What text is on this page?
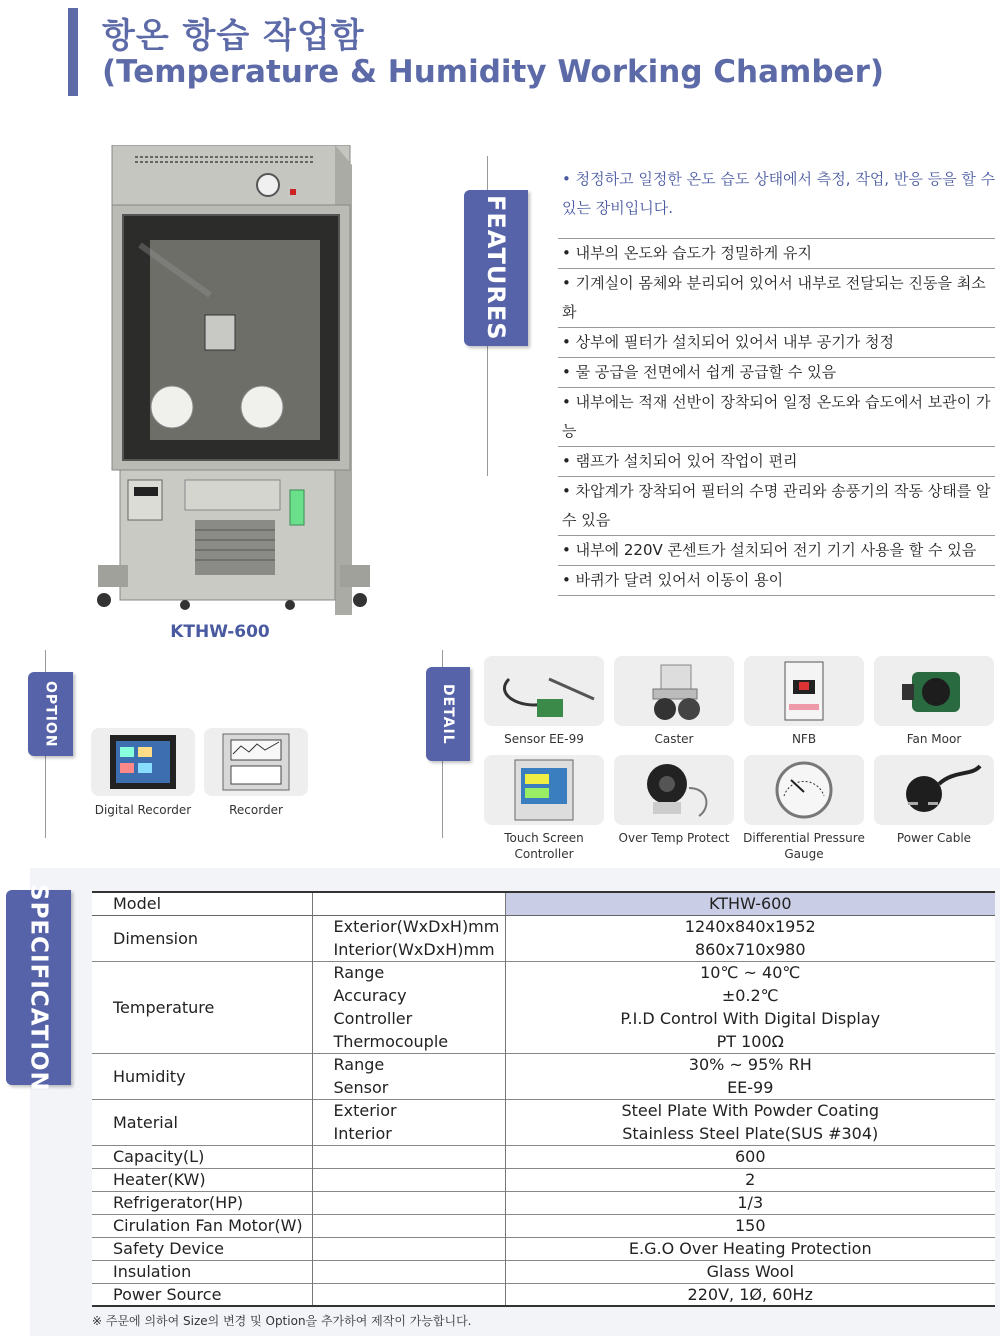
항온 항습 작업함
(Temperature & Humidity Working Chamber)
KTHW-600
FEATURES
• 청정하고 일정한 온도 습도 상태에서 측정, 작업, 반응 등을 할 수 있는 장비입니다.
• 내부의 온도와 습도가 정밀하게 유지
• 기계실이 몸체와 분리되어 있어서 내부로 전달되는 진동을 최소화
• 상부에 필터가 설치되어 있어서 내부 공기가 청정
• 물 공급을 전면에서 쉽게 공급할 수 있음
• 내부에는 적재 선반이 장착되어 일정 온도와 습도에서 보관이 가능
• 램프가 설치되어 있어 작업이 편리
• 차압계가 장착되어 필터의 수명 관리와 송풍기의 작동 상태를 알 수 있음
• 내부에 220V 콘센트가 설치되어 전기 기기 사용을 할 수 있음
• 바퀴가 달려 있어서 이동이 용이
OPTION
Digital Recorder	Recorder
DETAIL	Sensor EE-99	Caster	NFB	Fan Moor
Touch Screen Controller
Over Temp Protect	Differential Pressure Gauge
Power Cable
SPECIFICATION	Model		KTHW-600
Dimension	Exterior(WxDxH)mm	1240x840x1952
	Interior(WxDxH)mm	860x710x980
Temperature	Range	10℃ ~ 40℃
	Accuracy	±0.2℃
	Controller	P.I.D Control With Digital Display
	Thermocouple	PT 100Ω
Humidity	Range	30% ~ 95% RH
	Sensor	EE-99
Material	Exterior	Steel Plate With Powder Coating
	Interior	Stainless Steel Plate(SUS #304)
Capacity(L)		600
Heater(KW)		2
Refrigerator(HP)		1/3
Cirulation Fan Motor(W)		150
Safety Device		E.G.O Over Heating Protection
Insulation		Glass Wool
Power Source		220V, 1Ø, 60Hz
※ 주문에 의하여 Size의 변경 및 Option을 추가하여 제작이 가능합니다.
